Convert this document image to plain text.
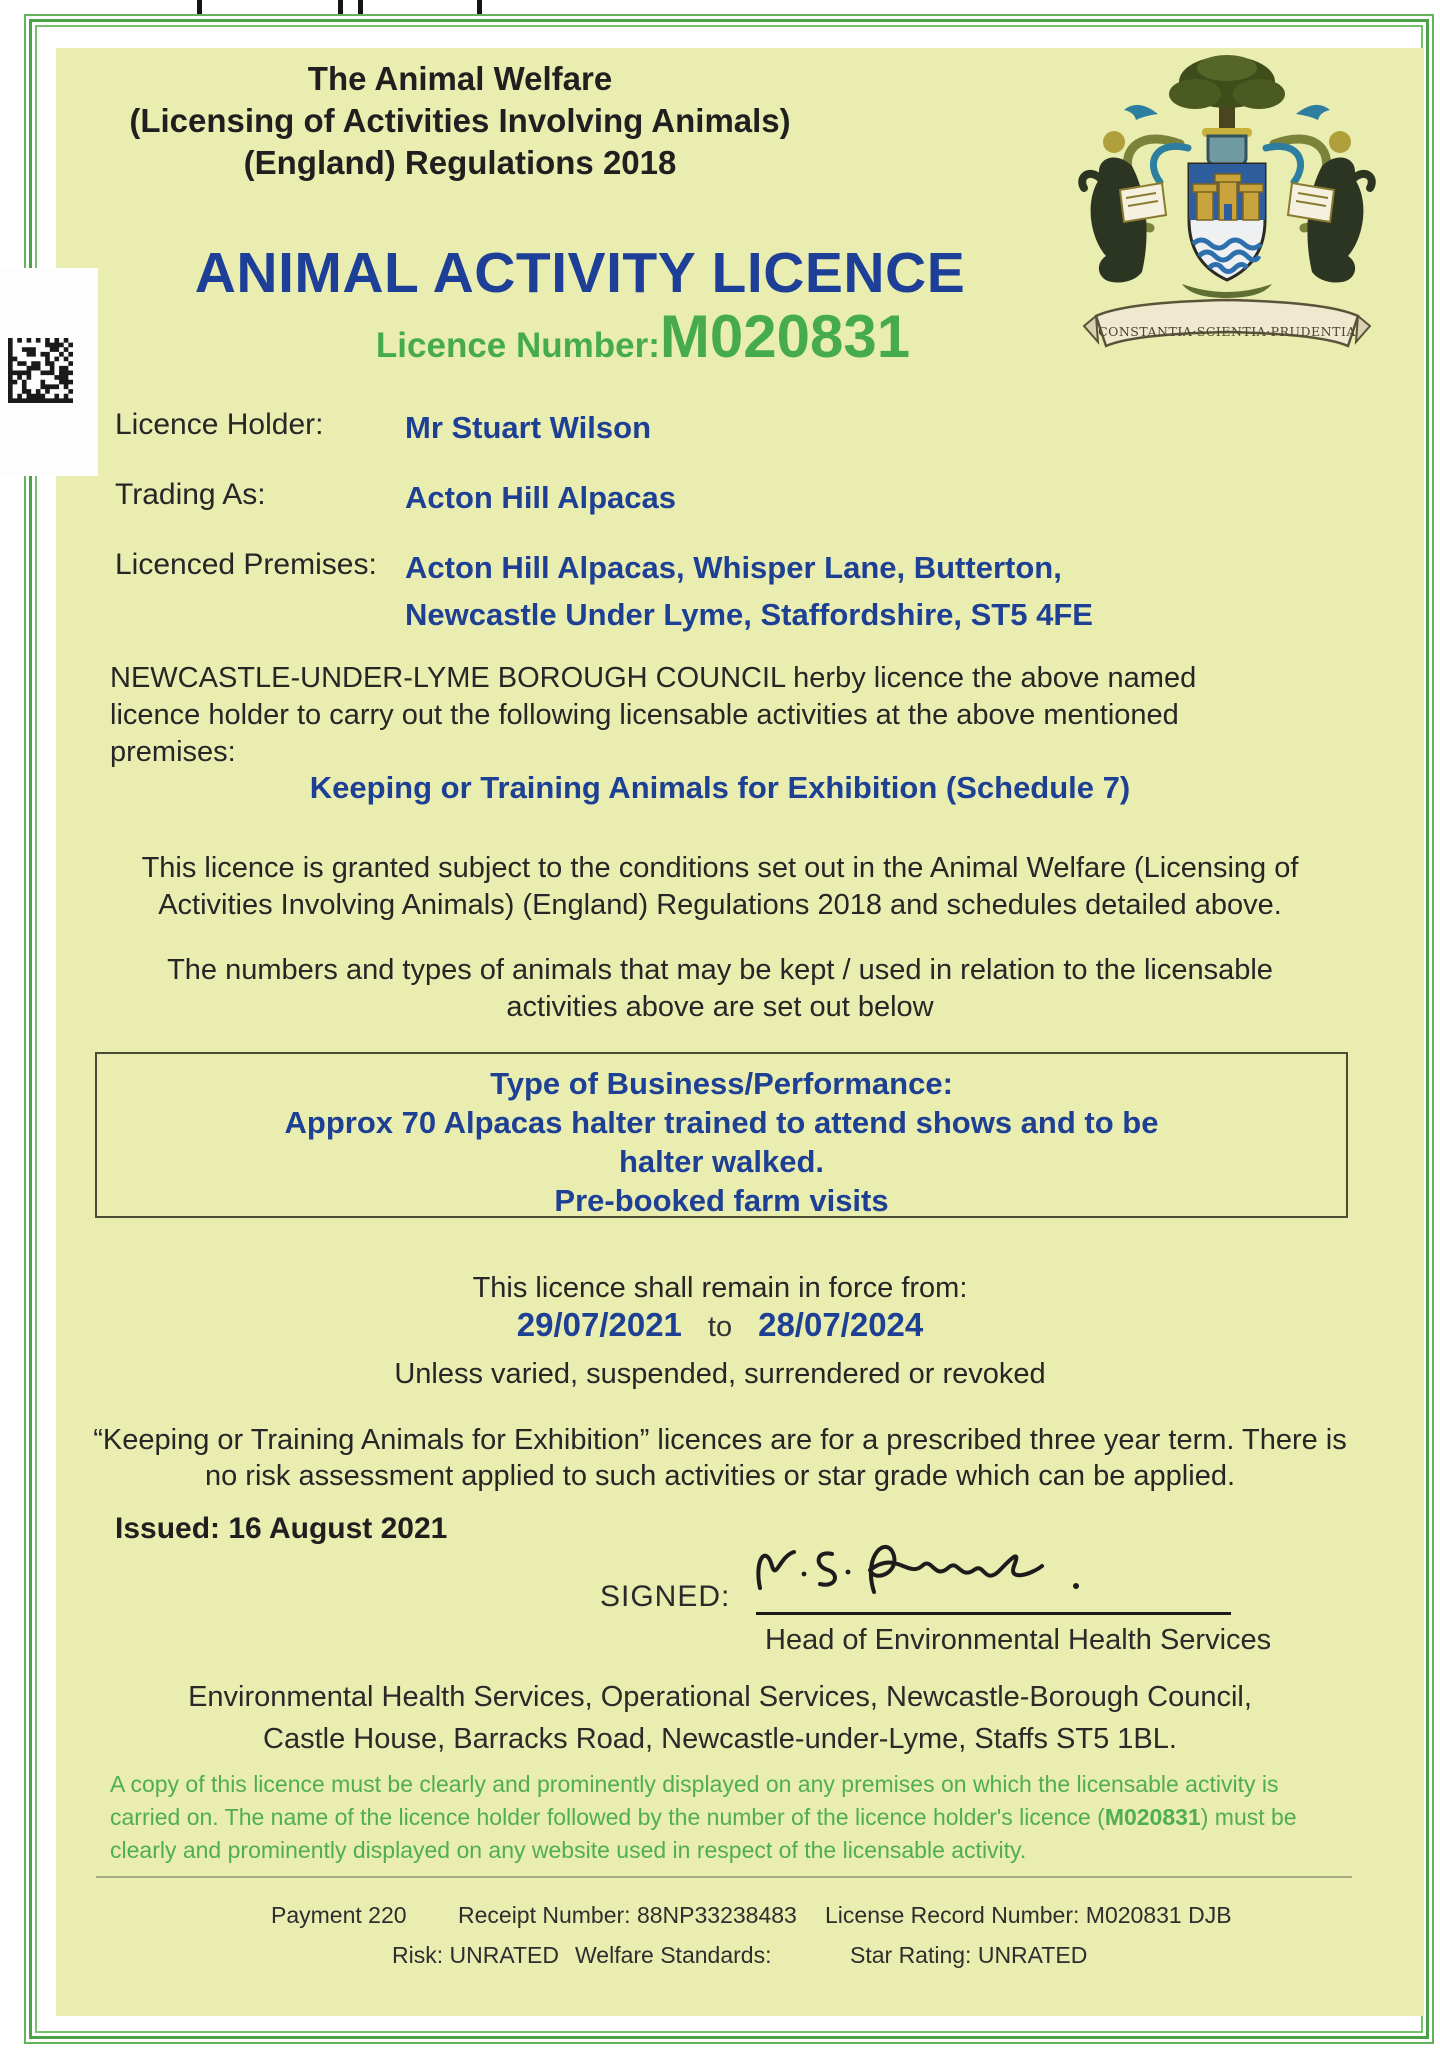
The Animal Welfare
(Licensing of Activities Involving Animals)
(England) Regulations 2018
ANIMAL ACTIVITY LICENCE
Licence Number: M020831
Licence Holder:	Mr Stuart Wilson
Trading As:	Acton Hill Alpacas
Licenced Premises: Acton Hill Alpacas, Whisper Lane, Butterton,
Newcastle Under Lyme, Staffordshire, ST5 4FE
NEWCASTLE-UNDER-LYME BOROUGH COUNCIL herby licence the above named
licence holder to carry out the following licensable activities at the above mentioned
premises:
Keeping or Training Animals for Exhibition (Schedule 7)
This licence is granted subject to the conditions set out in the Animal Welfare (Licensing of
Activities Involving Animals) (England) Regulations 2018 and schedules detailed above.
The numbers and types of animals that may be kept / used in relation to the licensable
activities above are set out below
Type of Business/Performance:
Approx 70 Alpacas halter trained to attend shows and to be
halter walked.
Pre-booked farm visits
This licence shall remain in force from:
29/07/2021 to 28/07/2024
Unless varied, suspended, surrendered or revoked
“Keeping or Training Animals for Exhibition” licences are for a prescribed three year term. There is
no risk assessment applied to such activities or star grade which can be applied.
Issued: 16 August 2021
SIGNED:
Head of Environmental Health Services
Environmental Health Services, Operational Services, Newcastle-Borough Council,
Castle House, Barracks Road, Newcastle-under-Lyme, Staffs ST5 1BL.
A copy of this licence must be clearly and prominently displayed on any premises on which the licensable activity is
carried on. The name of the licence holder followed by the number of the licence holder's licence (M020831) must be
clearly and prominently displayed on any website used in respect of the licensable activity.
Payment 220 Receipt Number: 88NP33238483 License Record Number: M020831 DJB
Risk: UNRATED Welfare Standards:	Star Rating: UNRATED
CONSTANTIA·SCIENTIA·PRUDENTIA
